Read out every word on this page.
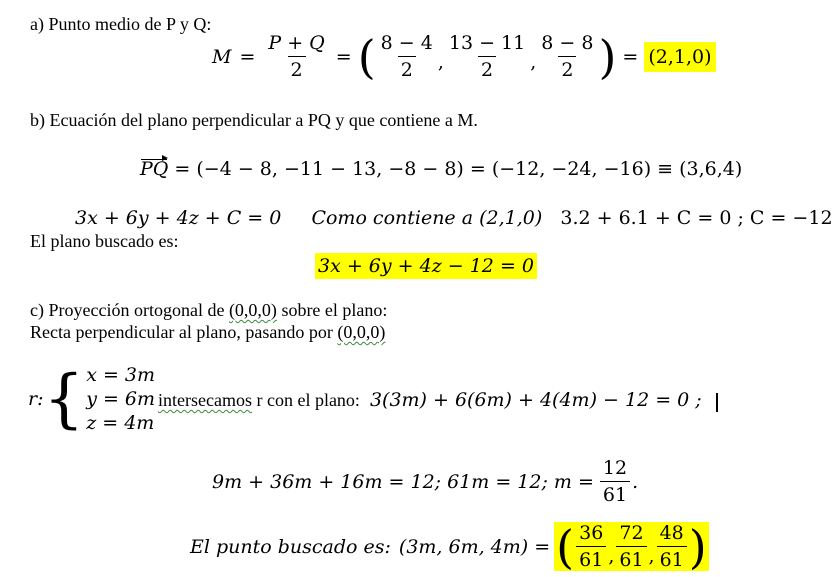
a) Punto medio de P y Q:
$M = \frac{P + Q}{2}$ = ( $\frac{8 - 4}{2}$ , $\frac{13 - 11}{2}$ , $\frac{8 - 8}{2}$ ) = (2,1,0)
b) Ecuación del plano perpendicular a PQ y que contiene a M.
PQ = (−4 − 8, −11 − 13, −8 − 8) = (−12, −24, −16) ≡ (3,6,4)
3x + 6y + 4z + C = 0 Como contiene a (2,1,0) 3.2 + 6.1 + C = 0 ; C = −12
El plano buscado es:
3x + 6y + 4z − 12 = 0
c) Proyección ortogonal de (0,0,0) sobre el plano:
Recta perpendicular al plano, pasando por (0,0,0)
r: { x = 3m
y = 6m
z = 4m
intersecamos r con el plano: 3(3m) + 6(6m) + 4(4m) − 12 = 0 ;
9m + 36m + 16m = 12; 61m = 12; $m = \frac{12}{61}$ .
El punto buscado es: (3m, 6m, 4m) = ( $\frac{36}{61}$ , $\frac{72}{61}$ , $\frac{48}{61}$ )
